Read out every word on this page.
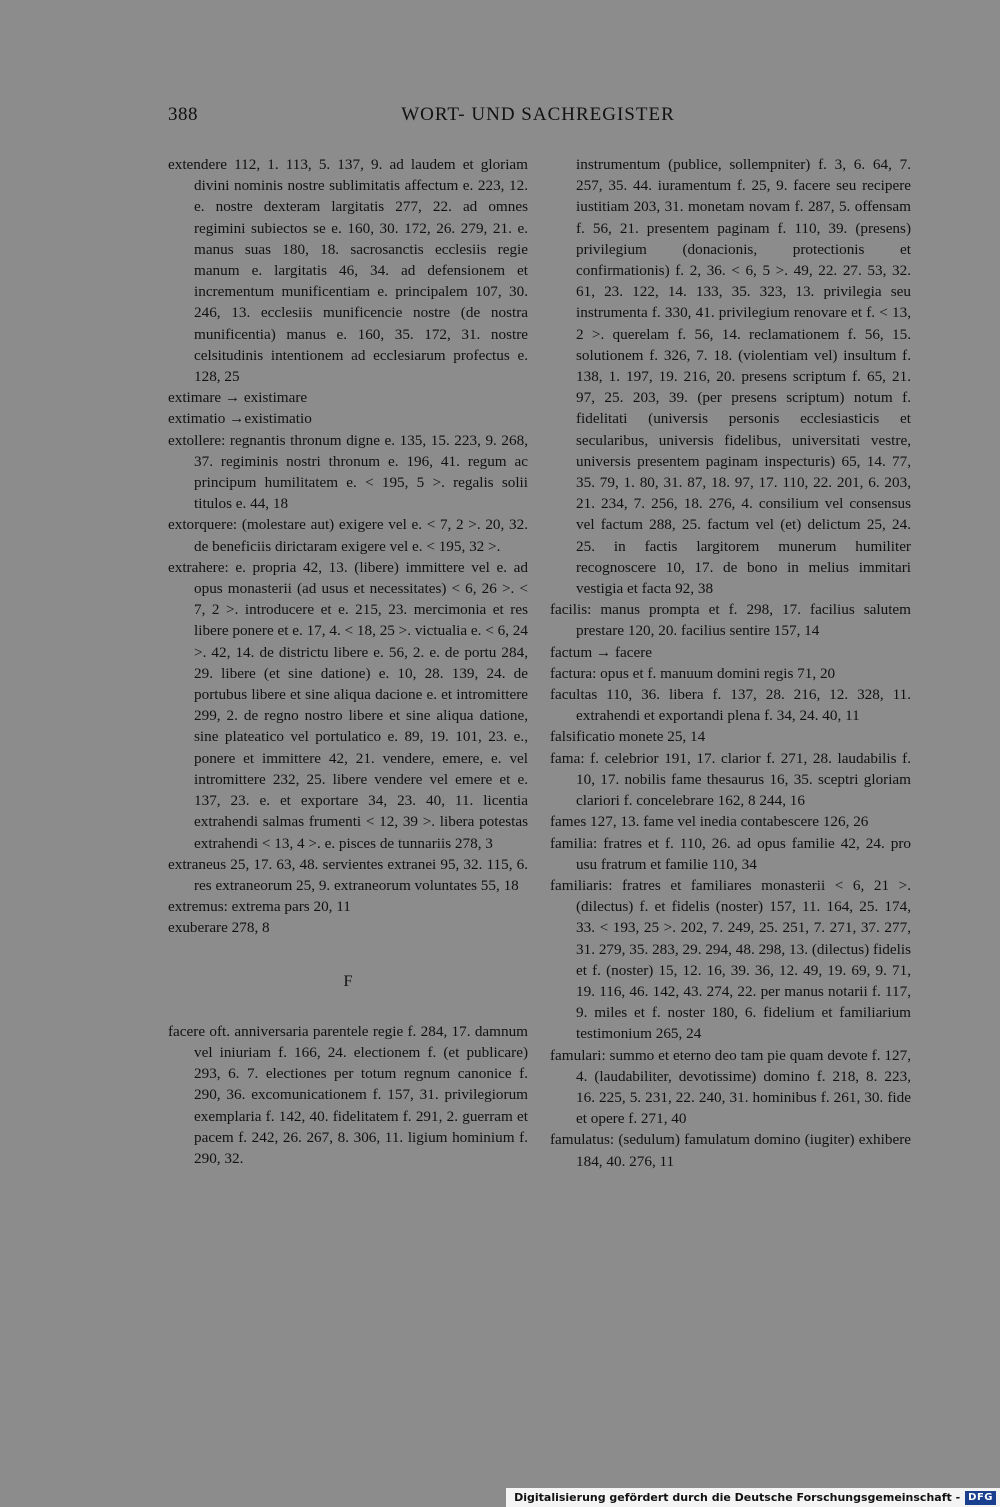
388	WORT- UND SACHREGISTER

extendere 112, 1. 113, 5. 137, 9. ad laudem et gloriam divini nominis nostre sublimitatis affectum e. 223, 12. e. nostre dexteram largitatis 277, 22. ad omnes regimini subiectos se e. 160, 30. 172, 26. 279, 21. e. manus suas 180, 18. sacrosanctis ecclesiis regie manum e. largitatis 46, 34. ad defensionem et incrementum munificentiam e. principalem 107, 30. 246, 13. ecclesiis munificencie nostre (de nostra munificentia) manus e. 160, 35. 172, 31. nostre celsitudinis intentionem ad ecclesiarum profectus e. 128, 25

extimare → existimare

extimatio →existimatio

extollere: regnantis thronum digne e. 135, 15. 223, 9. 268, 37. regiminis nostri thronum e. 196, 41. regum ac principum humilitatem e. < 195, 5 >. regalis solii titulos e. 44, 18

extorquere: (molestare aut) exigere vel e. < 7, 2 >. 20, 32. de beneficiis dirictaram exigere vel e. < 195, 32 >.

extrahere: e. propria 42, 13. (libere) immittere vel e. ad opus monasterii (ad usus et necessitates) < 6, 26 >. < 7, 2 >. introducere et e. 215, 23. mercimonia et res libere ponere et e. 17, 4. < 18, 25 >. victualia e. < 6, 24 >. 42, 14. de districtu libere e. 56, 2. e. de portu 284, 29. libere (et sine datione) e. 10, 28. 139, 24. de portubus libere et sine aliqua dacione e. et intromittere 299, 2. de regno nostro libere et sine aliqua datione, sine plateatico vel portulatico e. 89, 19. 101, 23. e., ponere et immittere 42, 21. vendere, emere, e. vel intromittere 232, 25. libere vendere vel emere et e. 137, 23. e. et exportare 34, 23. 40, 11. licentia extrahendi salmas frumenti < 12, 39 >. libera potestas extrahendi < 13, 4 >. e. pisces de tunnariis 278, 3

extraneus 25, 17. 63, 48. servientes extranei 95, 32. 115, 6. res extraneorum 25, 9. extraneorum voluntates 55, 18

extremus: extrema pars 20, 11

exuberare 278, 8

F

facere oft. anniversaria parentele regie f. 284, 17. damnum vel iniuriam f. 166, 24. electionem f. (et publicare) 293, 6. 7. electiones per totum regnum canonice f. 290, 36. excomunicationem f. 157, 31. privilegiorum exemplaria f. 142, 40. fidelitatem f. 291, 2. guerram et pacem f. 242, 26. 267, 8. 306, 11. ligium hominium f. 290, 32.

instrumentum (publice, sollempniter) f. 3, 6. 64, 7. 257, 35. 44. iuramentum f. 25, 9. facere seu recipere iustitiam 203, 31. monetam novam f. 287, 5. offensam f. 56, 21. presentem paginam f. 110, 39. (presens) privilegium (donacionis, protectionis et confirmationis) f. 2, 36. < 6, 5 >. 49, 22. 27. 53, 32. 61, 23. 122, 14. 133, 35. 323, 13. privilegia seu instrumenta f. 330, 41. privilegium renovare et f. < 13, 2 >. querelam f. 56, 14. reclamationem f. 56, 15. solutionem f. 326, 7. 18. (violentiam vel) insultum f. 138, 1. 197, 19. 216, 20. presens scriptum f. 65, 21. 97, 25. 203, 39. (per presens scriptum) notum f. fidelitati (universis personis ecclesiasticis et secularibus, universis fidelibus, universitati vestre, universis presentem paginam inspecturis) 65, 14. 77, 35. 79, 1. 80, 31. 87, 18. 97, 17. 110, 22. 201, 6. 203, 21. 234, 7. 256, 18. 276, 4. consilium vel consensus vel factum 288, 25. factum vel (et) delictum 25, 24. 25. in factis largitorem munerum humiliter recognoscere 10, 17. de bono in melius immitari vestigia et facta 92, 38

facilis: manus prompta et f. 298, 17. facilius salutem prestare 120, 20. facilius sentire 157, 14

factum → facere

factura: opus et f. manuum domini regis 71, 20

facultas 110, 36. libera f. 137, 28. 216, 12. 328, 11. extrahendi et exportandi plena f. 34, 24. 40, 11

falsificatio monete 25, 14

fama: f. celebrior 191, 17. clarior f. 271, 28. laudabilis f. 10, 17. nobilis fame thesaurus 16, 35. sceptri gloriam clariori f. concelebrare 162, 8 244, 16

fames 127, 13. fame vel inedia contabescere 126, 26

familia: fratres et f. 110, 26. ad opus familie 42, 24. pro usu fratrum et familie 110, 34

familiaris: fratres et familiares monasterii < 6, 21 >. (dilectus) f. et fidelis (noster) 157, 11. 164, 25. 174, 33. < 193, 25 >. 202, 7. 249, 25. 251, 7. 271, 37. 277, 31. 279, 35. 283, 29. 294, 48. 298, 13. (dilectus) fidelis et f. (noster) 15, 12. 16, 39. 36, 12. 49, 19. 69, 9. 71, 19. 116, 46. 142, 43. 274, 22. per manus notarii f. 117, 9. miles et f. noster 180, 6. fidelium et familiarium testimonium 265, 24

famulari: summo et eterno deo tam pie quam devote f. 127, 4. (laudabiliter, devotissime) domino f. 218, 8. 223, 16. 225, 5. 231, 22. 240, 31. hominibus f. 261, 30. fide et opere f. 271, 40

famulatus: (sedulum) famulatum domino (iugiter) exhibere 184, 40. 276, 11

Digitalisierung gefördert durch die Deutsche Forschungsgemeinschaft - DFG
